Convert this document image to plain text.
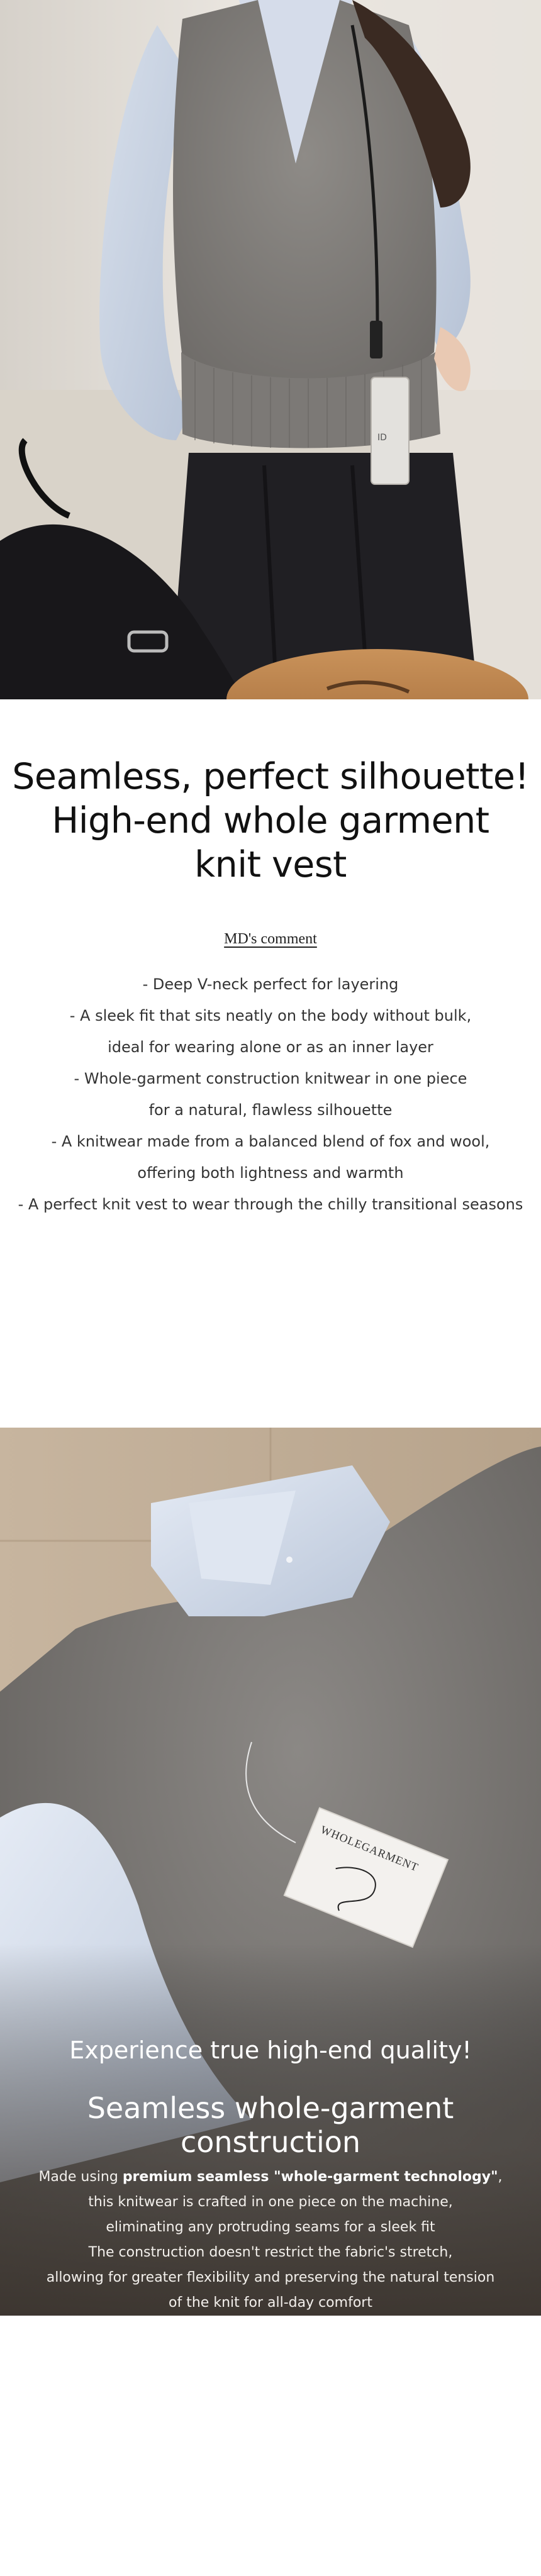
ID
Seamless, perfect silhouette!
High-end whole garment
knit vest
MD's comment
- Deep V-neck perfect for layering
- A sleek fit that sits neatly on the body without bulk,
ideal for wearing alone or as an inner layer
- Whole-garment construction knitwear in one piece
for a natural, flawless silhouette
- A knitwear made from a balanced blend of fox and wool,
offering both lightness and warmth
- A perfect knit vest to wear through the chilly transitional seasons
WHOLEGARMENT
Experience true high-end quality!
Seamless whole-garment construction
Made using premium seamless "whole-garment technology",
this knitwear is crafted in one piece on the machine,
eliminating any protruding seams for a sleek fit
The construction doesn't restrict the fabric's stretch,
allowing for greater flexibility and preserving the natural tension
of the knit for all-day comfort
